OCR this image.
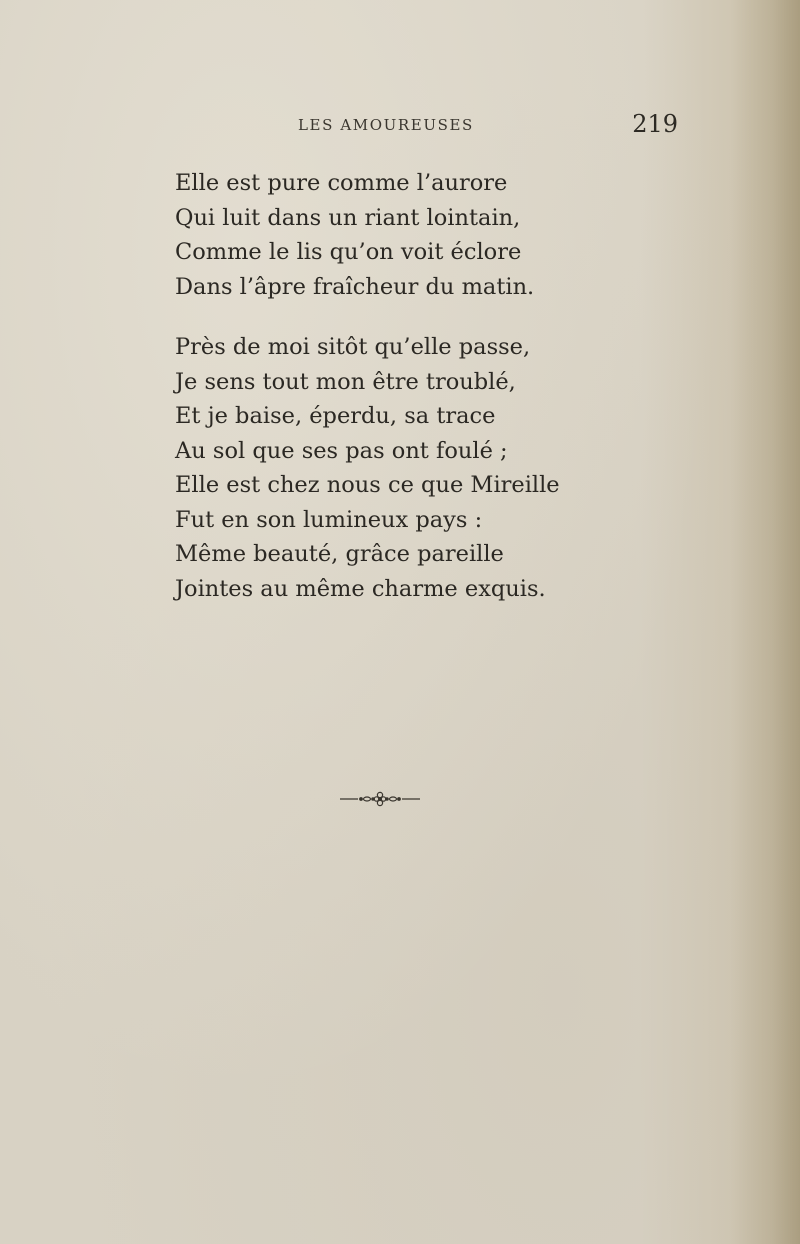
LES AMOUREUSES	219
Elle est pure comme l’aurore
Qui luit dans un riant lointain,
Comme le lis qu’on voit éclore
Dans l’âpre fraîcheur du matin.
Près de moi sitôt qu’elle passe,
Je sens tout mon être troublé,
Et je baise, éperdu, sa trace
Au sol que ses pas ont foulé ;
Elle est chez nous ce que Mireille
Fut en son lumineux pays :
Même beauté, grâce pareille
Jointes au même charme exquis.
